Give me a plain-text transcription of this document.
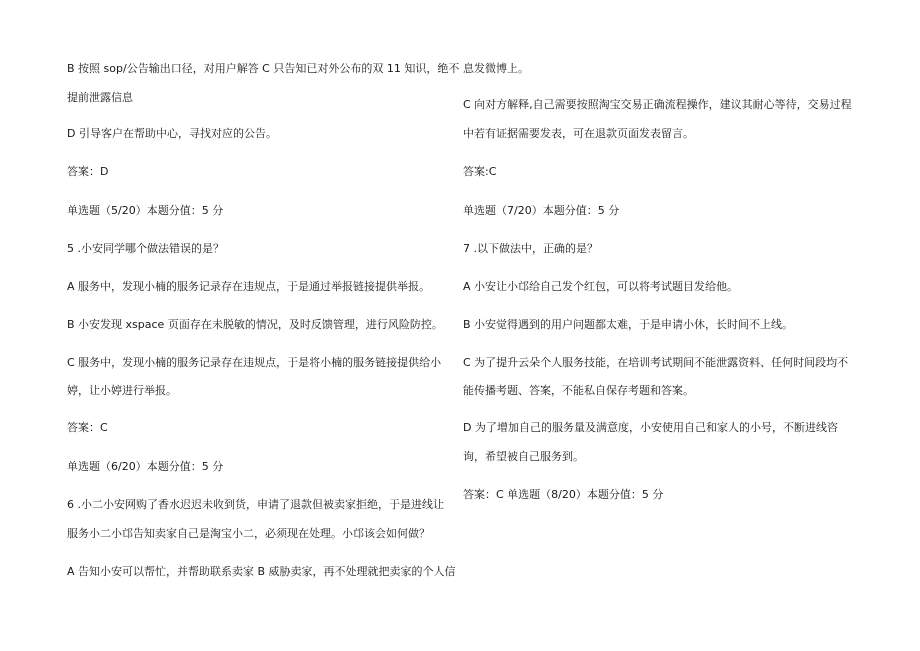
B 按照 sop/公告输出口径，对用户解答 C 只告知已对外公布的双 11 知识，绝不
提前泄露信息
D 引导客户在帮助中心，寻找对应的公告。
答案：D
单选题（5/20）本题分值：5 分
5 .小安同学哪个做法错误的是？
A 服务中，发现小楠的服务记录存在违规点，于是通过举报链接提供举报。
B 小安发现 xspace 页面存在未脱敏的情况，及时反馈管理，进行风险防控。
C 服务中，发现小楠的服务记录存在违规点，于是将小楠的服务链接提供给小
婷，让小婷进行举报。
答案：C
单选题（6/20）本题分值：5 分
6 .小二小安网购了香水迟迟未收到货，申请了退款但被卖家拒绝，于是进线让
服务小二小邙告知卖家自己是淘宝小二，必须现在处理。小邙该会如何做？
A 告知小安可以帮忙，并帮助联系卖家 B 威胁卖家，再不处理就把卖家的个人信
息发微博上。
C 向对方解释,自己需要按照淘宝交易正确流程操作，建议其耐心等待，交易过程
中若有证据需要发表，可在退款页面发表留言。
答案:C
单选题（7/20）本题分值：5 分
7 .以下做法中，正确的是？
A 小安让小邙给自己发个红包，可以将考试题目发给他。
B 小安觉得遇到的用户问题都太难，于是申请小休，长时间不上线。
C 为了提升云朵个人服务技能，在培训考试期间不能泄露资料、任何时间段均不
能传播考题、答案，不能私自保存考题和答案。
D 为了增加自己的服务量及满意度，小安使用自己和家人的小号，不断进线咨
询，希望被自己服务到。
答案：C 单选题（8/20）本题分值：5 分
